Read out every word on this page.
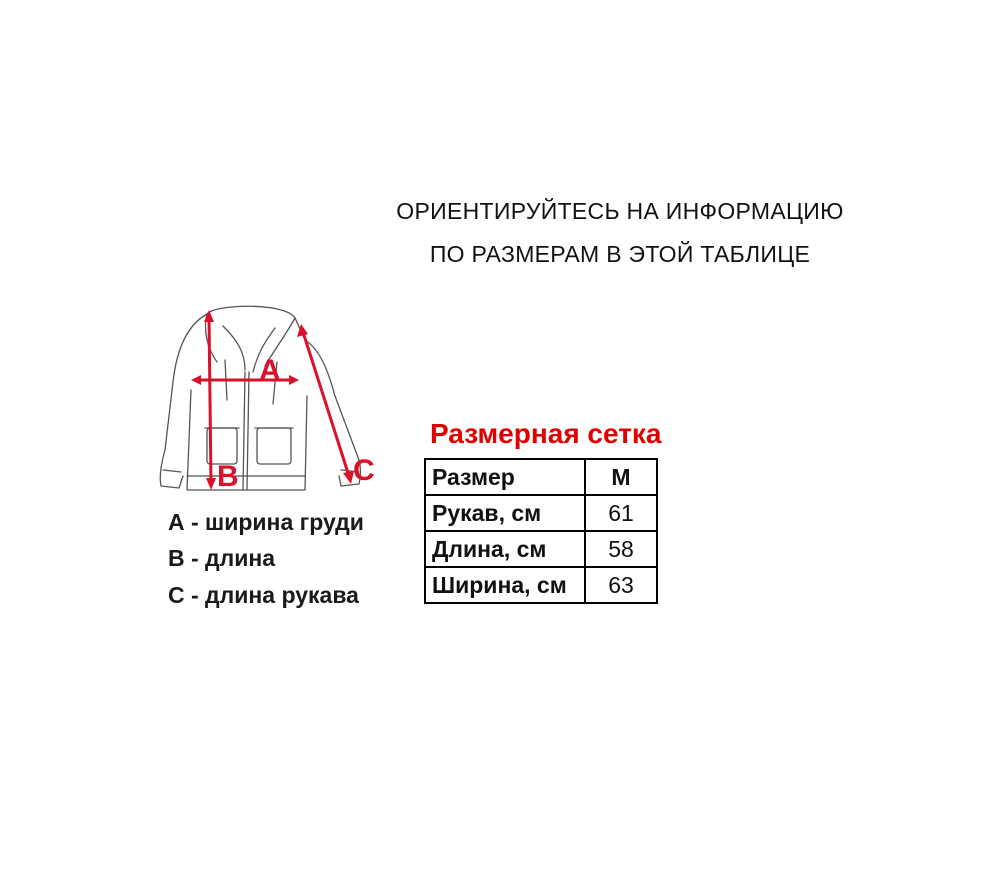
ОРИЕНТИРУЙТЕСЬ НА ИНФОРМАЦИЮ
ПО РАЗМЕРАМ В ЭТОЙ ТАБЛИЦЕ
A
B	C
А - ширина груди
В - длина
С - длина рукава
Размерная сетка
Размер	M
Рукав, см	61
Длина, см	58
Ширина, см	63
